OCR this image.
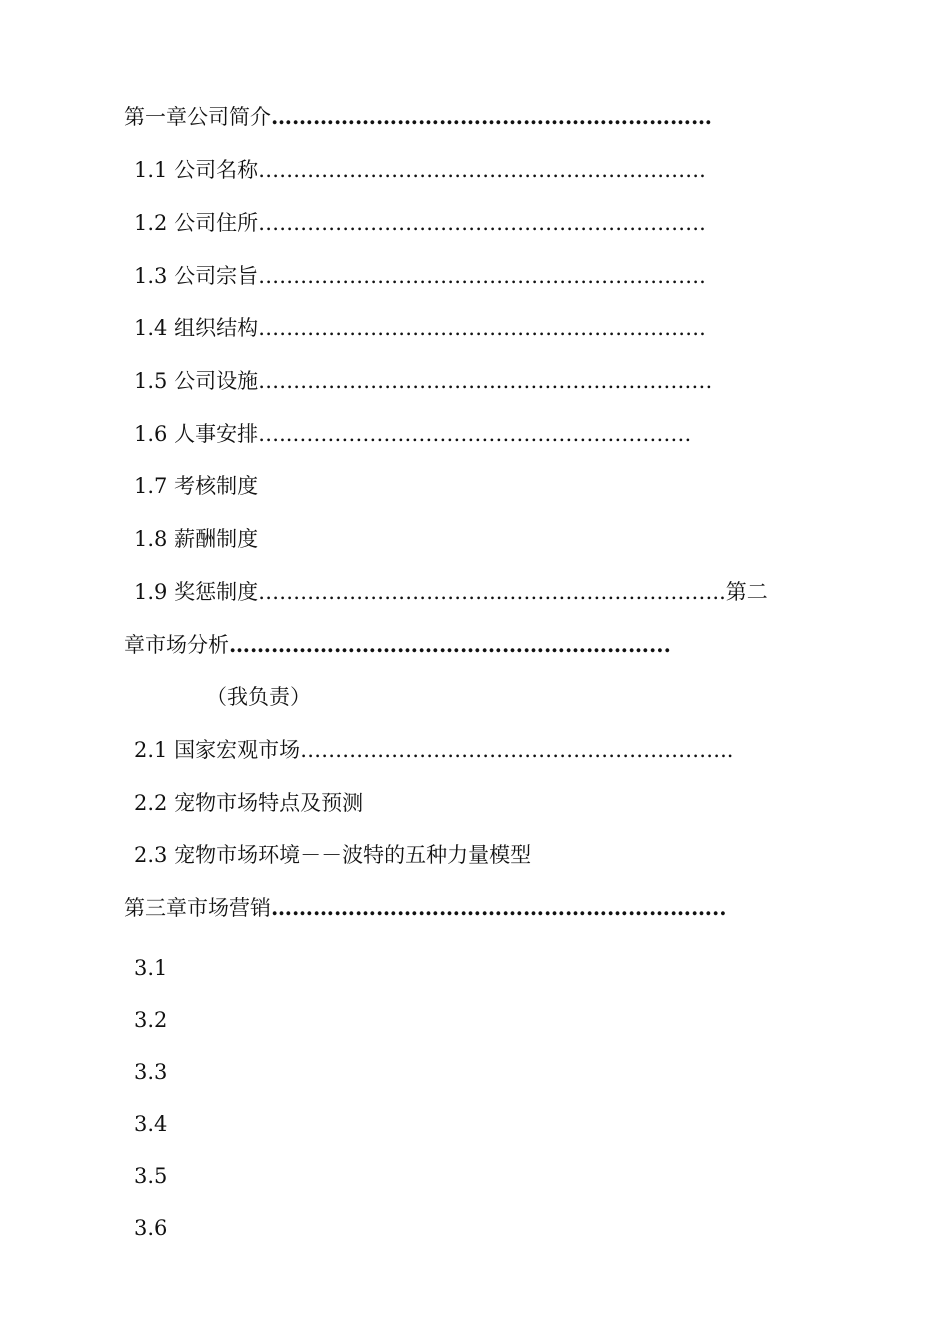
第一章公司简介………………………………………………………
1.1 公司名称……………………………………………………….
1.2 公司住所……………………………………………………….
1.3 公司宗旨……………………………………………………….
1.4 组织结构……………………………………………………….
1.5 公司设施……………………………..…………………………
1.6 人事安排…..…………………………………………………
1.7 考核制度
1.8 薪酬制度
1.9 奖惩制度……………………………..…………………………..第二
章市场分析……………………………………………………...
（我负责）
2.1 国家宏观市场……………………………………………………..
2.2 宠物市场特点及预测
2.3 宠物市场环境－－波特的五种力量模型
第三章市场营销………………………………………………………..
3.1
3.2
3.3
3.4
3.5
3.6
